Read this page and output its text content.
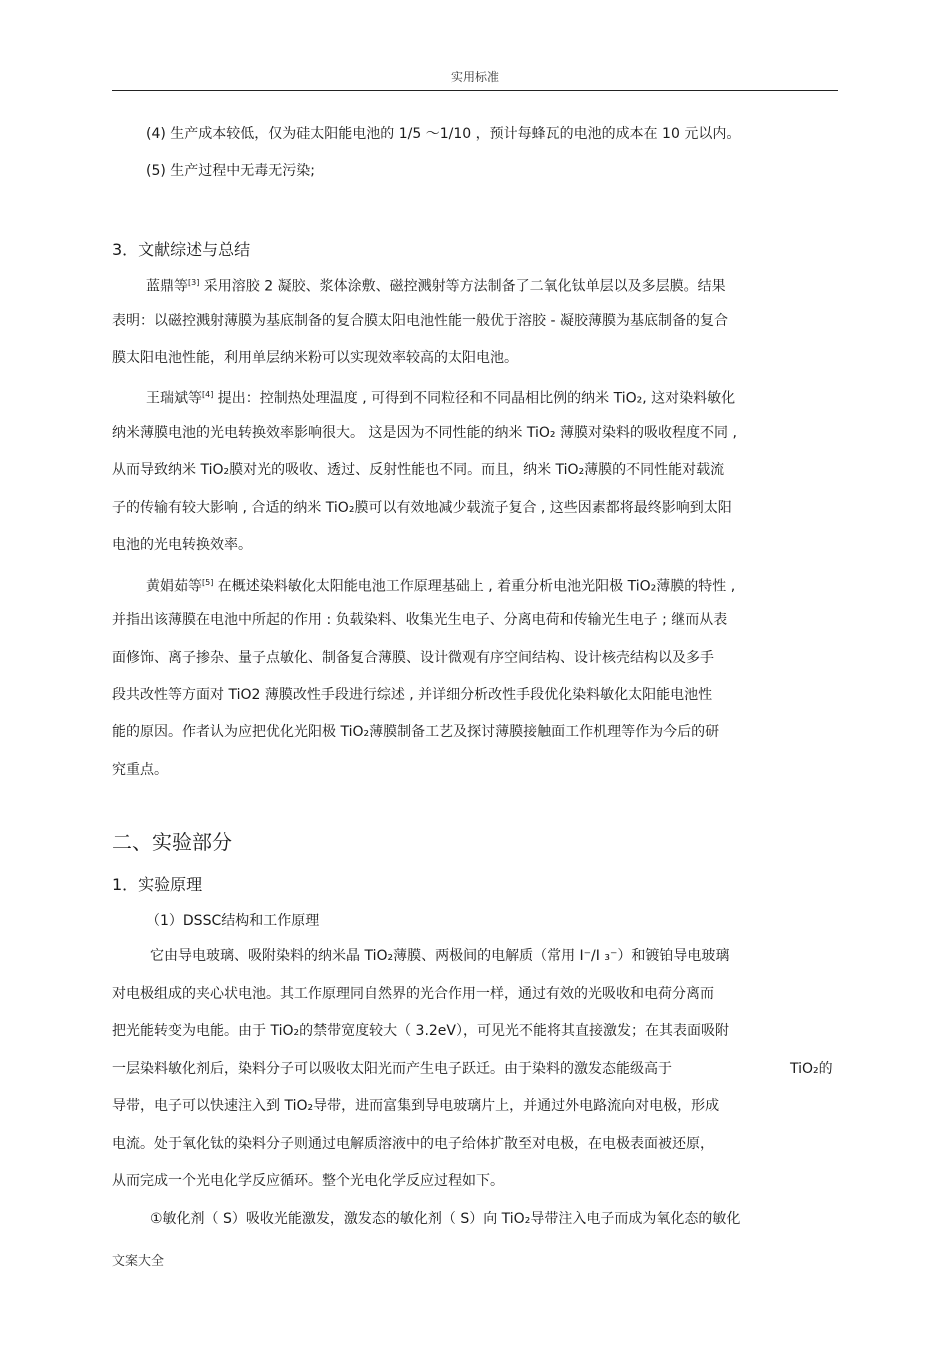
实用标准
(4) 生产成本较低，仅为硅太阳能电池的 1/5 ～1/10 ，预计每蜂瓦的电池的成本在 10 元以内。
(5) 生产过程中无毒无污染;
3．文献综述与总结
蓝鼎等[3] 采用溶胶 2 凝胶、浆体涂敷、磁控溅射等方法制备了二氧化钛单层以及多层膜。结果
表明：以磁控溅射薄膜为基底制备的复合膜太阳电池性能一般优于溶胶 - 凝胶薄膜为基底制备的复合
膜太阳电池性能，利用单层纳米粉可以实现效率较高的太阳电池。
王瑞斌等[4] 提出：控制热处理温度 , 可得到不同粒径和不同晶相比例的纳米 TiO₂, 这对染料敏化
纳米薄膜电池的光电转换效率影响很大。 这是因为不同性能的纳米 TiO₂ 薄膜对染料的吸收程度不同 ,
从而导致纳米 TiO₂膜对光的吸收、透过、反射性能也不同。而且，纳米 TiO₂薄膜的不同性能对载流
子的传输有较大影响 , 合适的纳米 TiO₂膜可以有效地减少载流子复合 , 这些因素都将最终影响到太阳
电池的光电转换效率。
黄娟茹等[5] 在概述染料敏化太阳能电池工作原理基础上 , 着重分析电池光阳极 TiO₂薄膜的特性 ,
并指出该薄膜在电池中所起的作用 : 负载染料、收集光生电子、分离电荷和传输光生电子 ; 继而从表
面修饰、离子掺杂、量子点敏化、制备复合薄膜、设计微观有序空间结构、设计核壳结构以及多手
段共改性等方面对 TiO2 薄膜改性手段进行综述 , 并详细分析改性手段优化染料敏化太阳能电池性
能的原因。作者认为应把优化光阳极 TiO₂薄膜制备工艺及探讨薄膜接触面工作机理等作为今后的研
究重点。
二、实验部分
1．实验原理
（1）DSSC结构和工作原理
它由导电玻璃、吸附染料的纳米晶 TiO₂薄膜、两极间的电解质（常用 I⁻/I ₃⁻）和镀铂导电玻璃
对电极组成的夹心状电池。其工作原理同自然界的光合作用一样，通过有效的光吸收和电荷分离而
把光能转变为电能。由于 TiO₂的禁带宽度较大（ 3.2eV），可见光不能将其直接激发；在其表面吸附
一层染料敏化剂后，染料分子可以吸收太阳光而产生电子跃迁。由于染料的激发态能级高于	TiO₂的
导带，电子可以快速注入到 TiO₂导带，进而富集到导电玻璃片上，并通过外电路流向对电极，形成
电流。处于氧化钛的染料分子则通过电解质溶液中的电子给体扩散至对电极，在电极表面被还原，
从而完成一个光电化学反应循环。整个光电化学反应过程如下。
①敏化剂（ S）吸收光能激发，激发态的敏化剂（ S）向 TiO₂导带注入电子而成为氧化态的敏化
文案大全
